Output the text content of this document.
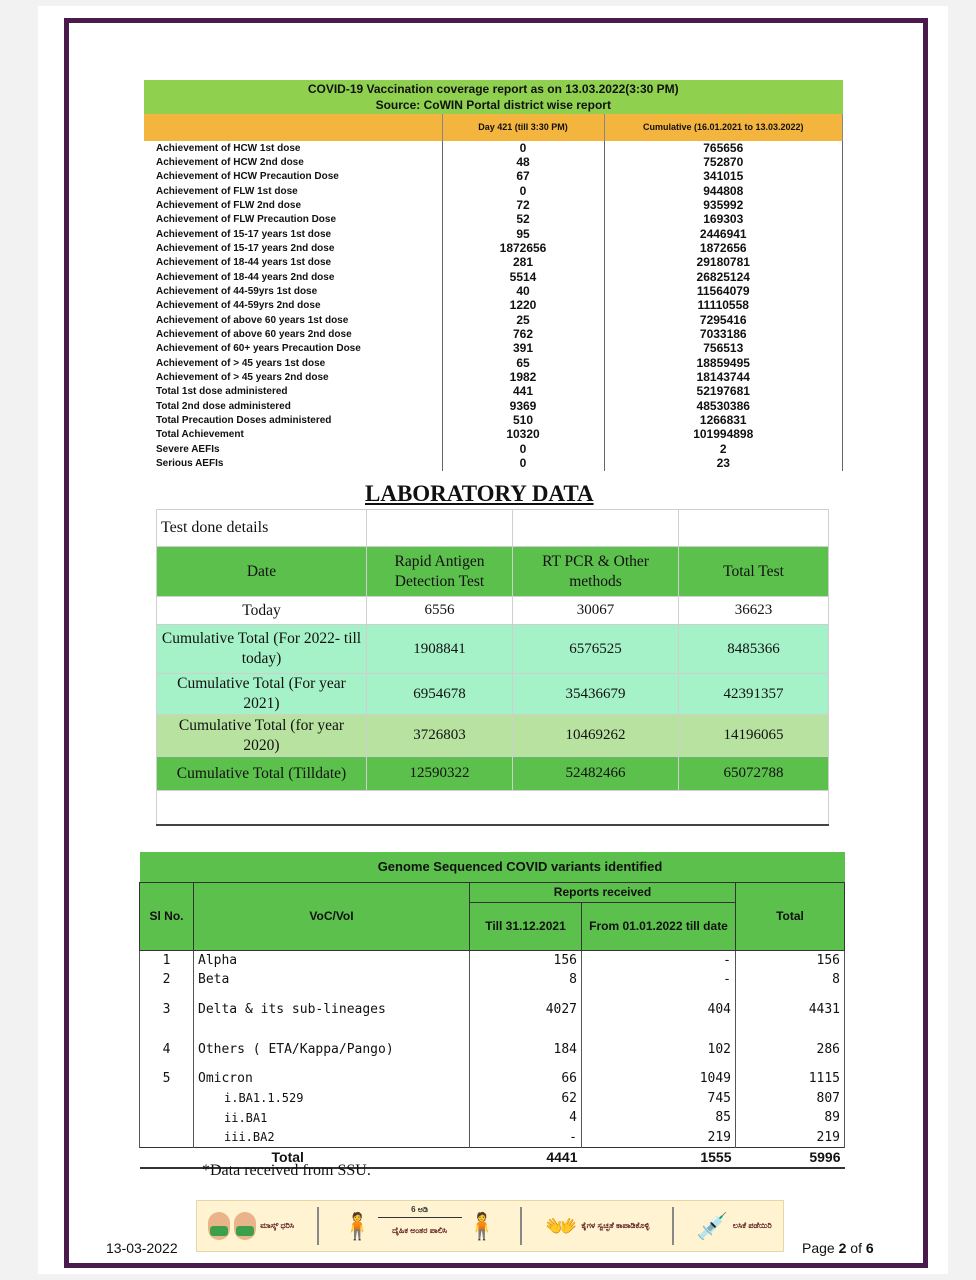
COVID-19 Vaccination coverage report as on 13.03.2022(3:30 PM)
Source: CoWIN Portal district wise report		

	Day 421 (till 3:30 PM)	Cumulative (16.01.2021 to 13.03.2022)
Achievement of HCW 1st dose	0	765656
Achievement of HCW 2nd dose	48	752870
Achievement of HCW Precaution Dose	67	341015
Achievement of FLW 1st dose	0	944808
Achievement of FLW 2nd dose	72	935992
Achievement of FLW Precaution Dose	52	169303
Achievement of 15-17 years 1st dose	95	2446941
Achievement of 15-17 years 2nd dose	1872656	1872656
Achievement of 18-44 years 1st dose	281	29180781
Achievement of 18-44 years 2nd dose	5514	26825124
Achievement of 44-59yrs 1st dose	40	11564079
Achievement of 44-59yrs 2nd dose	1220	11110558
Achievement of above 60 years 1st dose	25	7295416
Achievement of above 60 years 2nd dose	762	7033186
Achievement of 60+ years Precaution Dose	391	756513
Achievement of > 45 years 1st dose	65	18859495
Achievement of > 45 years 2nd dose	1982	18143744
Total 1st dose administered	441	52197681
Total 2nd dose administered	9369	48530386
Total Precaution Doses administered	510	1266831
Total Achievement	10320	101994898
Severe AEFIs	0	2
Serious AEFIs	0	23
LABORATORY DATA
Test done details			
Date	Rapid Antigen Detection Test	RT PCR & Other methods	Total Test
Today	6556	30067	36623
Cumulative Total (For 2022- till today)	1908841	6576525	8485366
Cumulative Total (For year 2021)	6954678	35436679	42391357
Cumulative Total (for year 2020)	3726803	10469262	14196065
Cumulative Total (Tilldate)	12590322	52482466	65072788

Genome Sequenced COVID variants identified				
Sl No.	VoC/VoI	Reports received		Total
		Till 31.12.2021	From 01.01.2022 till date	
1	Alpha	156	-	156
2	Beta	8	-	8
3	Delta & its sub-lineages	4027	404	4431
4	Others ( ETA/Kappa/Pango)	184	102	286
5	Omicron	66	1049	1115
	i.BA1.1.529	62	745	807
	ii.BA1	4	85	89
	iii.BA2	-	219	219
	Total	4441	1555	5996
*Data received from SSU.
ಮಾಸ್ಕ್ ಧರಿಸಿ 🧍
6 ಅಡಿ
ದೈಹಿಕ ಅಂತರ ಪಾಲಿಸಿ 🧍 👐 ಕೈಗಳ ಸ್ವಚ್ಛತೆ ಕಾಪಾಡಿಕೊಳ್ಳಿ 💉 ಲಸಿಕೆ ಪಡೆಯಿರಿ
13-03-2022	Page 2 of 6
